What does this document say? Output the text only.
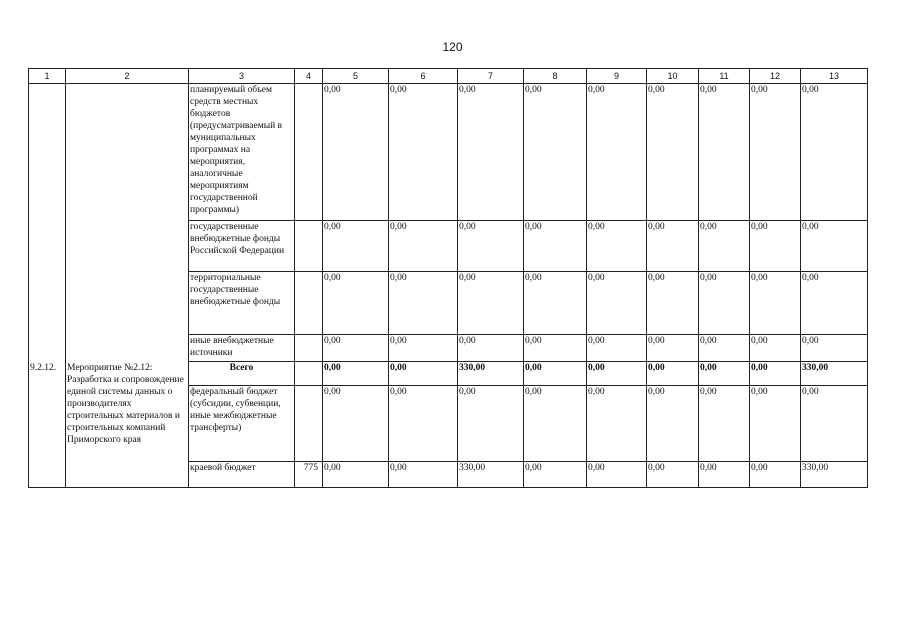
120
1	2	3	4	5	6	7	8	9	10	11	12	13
		планируемый объем средств местных бюджетов (предусматриваемый в муниципальных программах на мероприятия, аналогичные мероприятиям государственной программы)		0,00	0,00	0,00	0,00	0,00	0,00	0,00	0,00	0,00
		государственные внебюджетные фонды Российской Федерации		0,00	0,00	0,00	0,00	0,00	0,00	0,00	0,00	0,00
		территориальные государственные внебюджетные фонды		0,00	0,00	0,00	0,00	0,00	0,00	0,00	0,00	0,00
		иные внебюджетные источники		0,00	0,00	0,00	0,00	0,00	0,00	0,00	0,00	0,00
9.2.12.	Мероприятие №2.12: Разработка и сопровождение единой системы данных о производителях строительных материалов и строительных компаний Приморского края	Всего		0,00	0,00	330,00	0,00	0,00	0,00	0,00	0,00	330,00
		федеральный бюджет (субсидии, субвенции, иные межбюджетные трансферты)		0,00	0,00	0,00	0,00	0,00	0,00	0,00	0,00	0,00
		краевой бюджет	775	0,00	0,00	330,00	0,00	0,00	0,00	0,00	0,00	330,00
